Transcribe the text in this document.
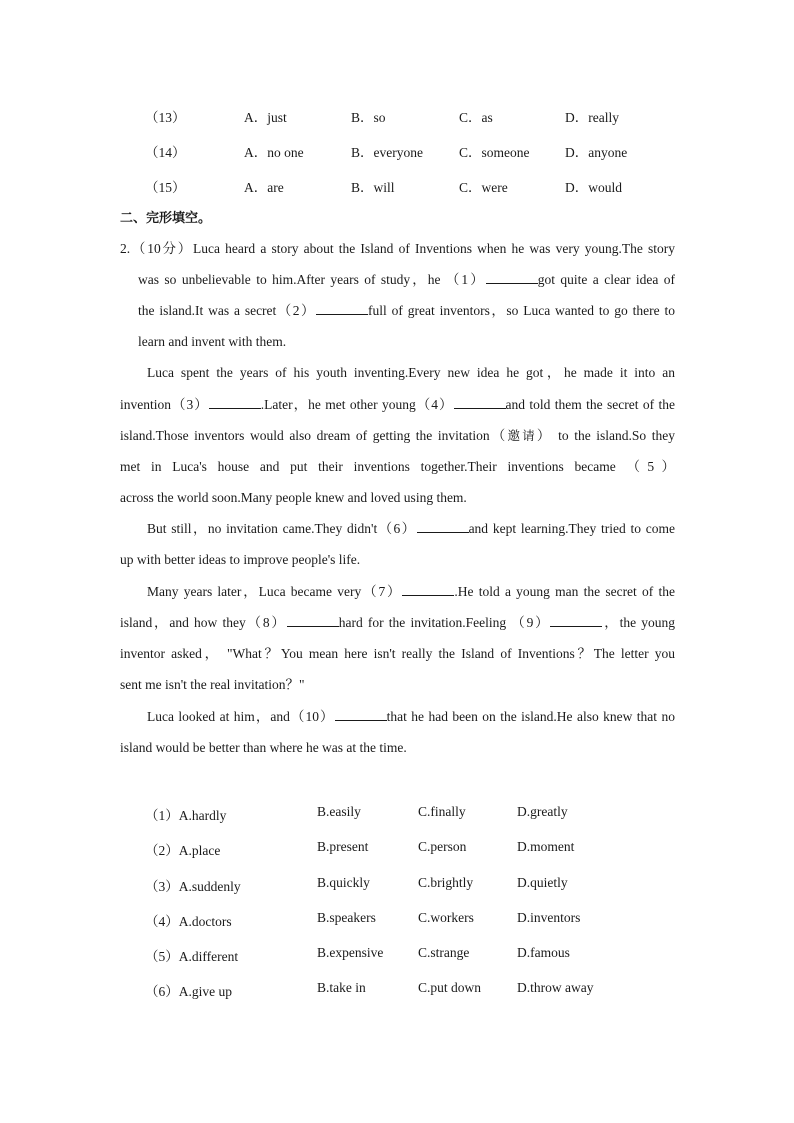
（13）	A．just	B．so	C．as	D．really
（14）	A．no one	B．everyone	C．someone	D．anyone
（15）	A．are	B．will	C．were	D．would
二、完形填空。
2.（10分）Luca heard a story about the Island of Inventions when he was very young.The story
was so unbelievable to him.After years of study，he （1）	got quite a clear idea of
the island.It was a secret（2）	full of great inventors，so Luca wanted to go there to
learn and invent with them.
Luca spent the years of his youth inventing.Every new idea he got，he made it into an
invention（3）	.Later，he met other young（4）	and told them the secret of the
island.Those inventors would also dream of getting the invitation（邀请） to the island.So they
met in Luca's house and put their inventions together.Their inventions became （5）
across the world soon.Many people knew and loved using them.
But still，no invitation came.They didn't（6）	and kept learning.They tried to come
up with better ideas to improve people's life.
Many years later，Luca became very（7）	.He told a young man the secret of the
island，and how they（8）	hard for the invitation.Feeling （9）	，the young
inventor asked， "What？You mean here isn't really the Island of Inventions？The letter you
sent me isn't the real invitation？"
Luca looked at him，and（10）	that he had been on the island.He also knew that no
island would be better than where he was at the time.
（1）A.hardly	B.easily	C.finally	D.greatly
（2）A.place	B.present	C.person	D.moment
（3）A.suddenly	B.quickly	C.brightly	D.quietly
（4）A.doctors	B.speakers	C.workers	D.inventors
（5）A.different	B.expensive	C.strange	D.famous
（6）A.give up	B.take in	C.put down	D.throw away
